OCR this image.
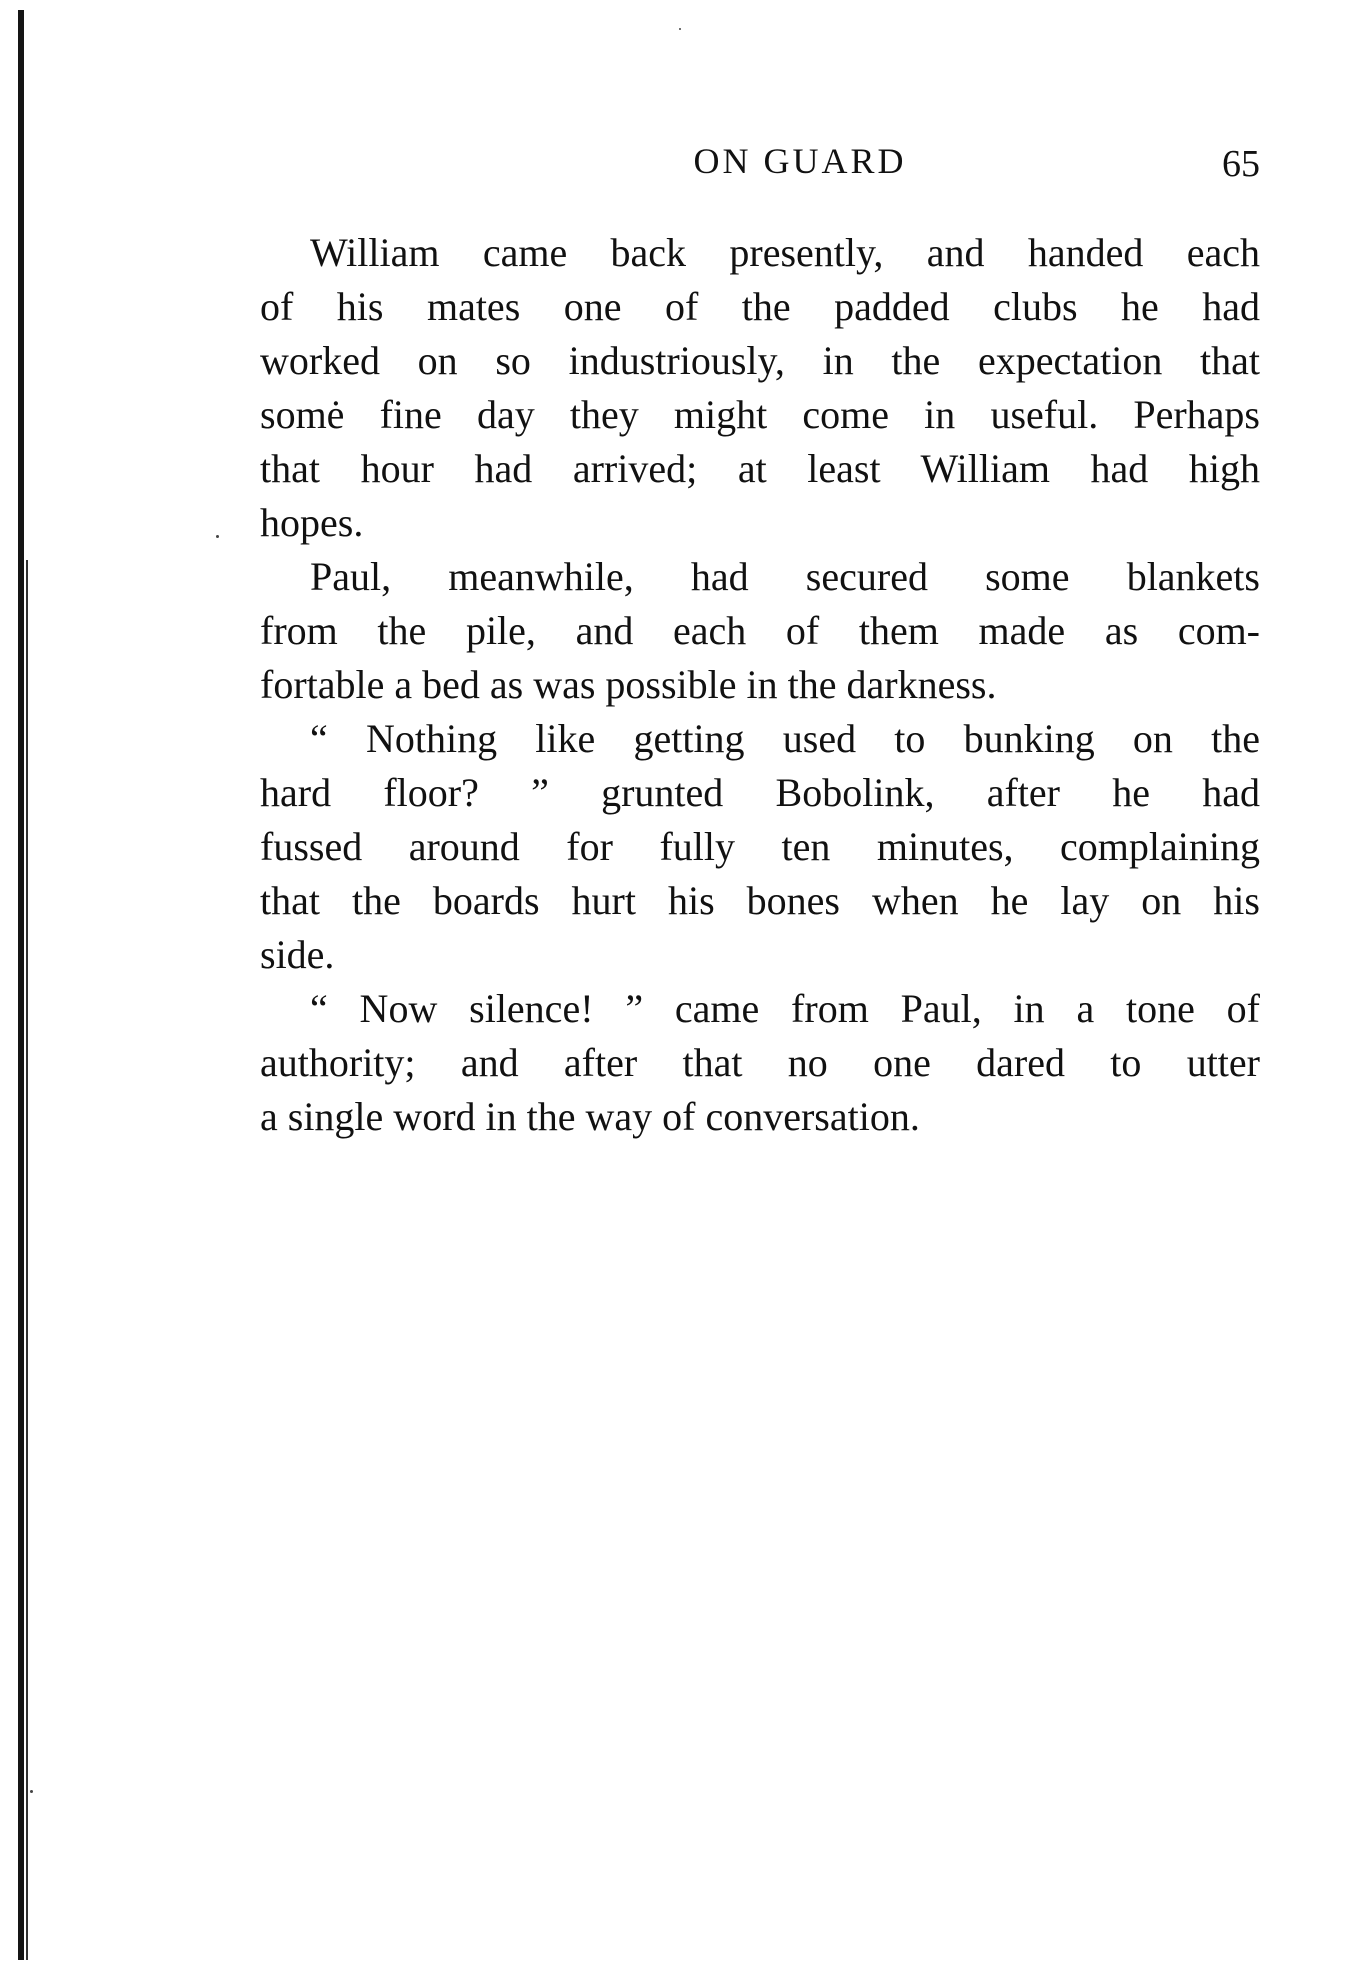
ON GUARD	65
William came back presently, and handed each
of his mates one of the padded clubs he had
worked on so industriously, in the expectation that
somė fine day they might come in useful. Perhaps
that hour had arrived; at least William had high
hopes.
Paul, meanwhile, had secured some blankets
from the pile, and each of them made as com-
fortable a bed as was possible in the darkness.
“ Nothing like getting used to bunking on the
hard floor? ” grunted Bobolink, after he had
fussed around for fully ten minutes, complaining
that the boards hurt his bones when he lay on his
side.
“ Now silence! ” came from Paul, in a tone of
authority; and after that no one dared to utter
a single word in the way of conversation.
